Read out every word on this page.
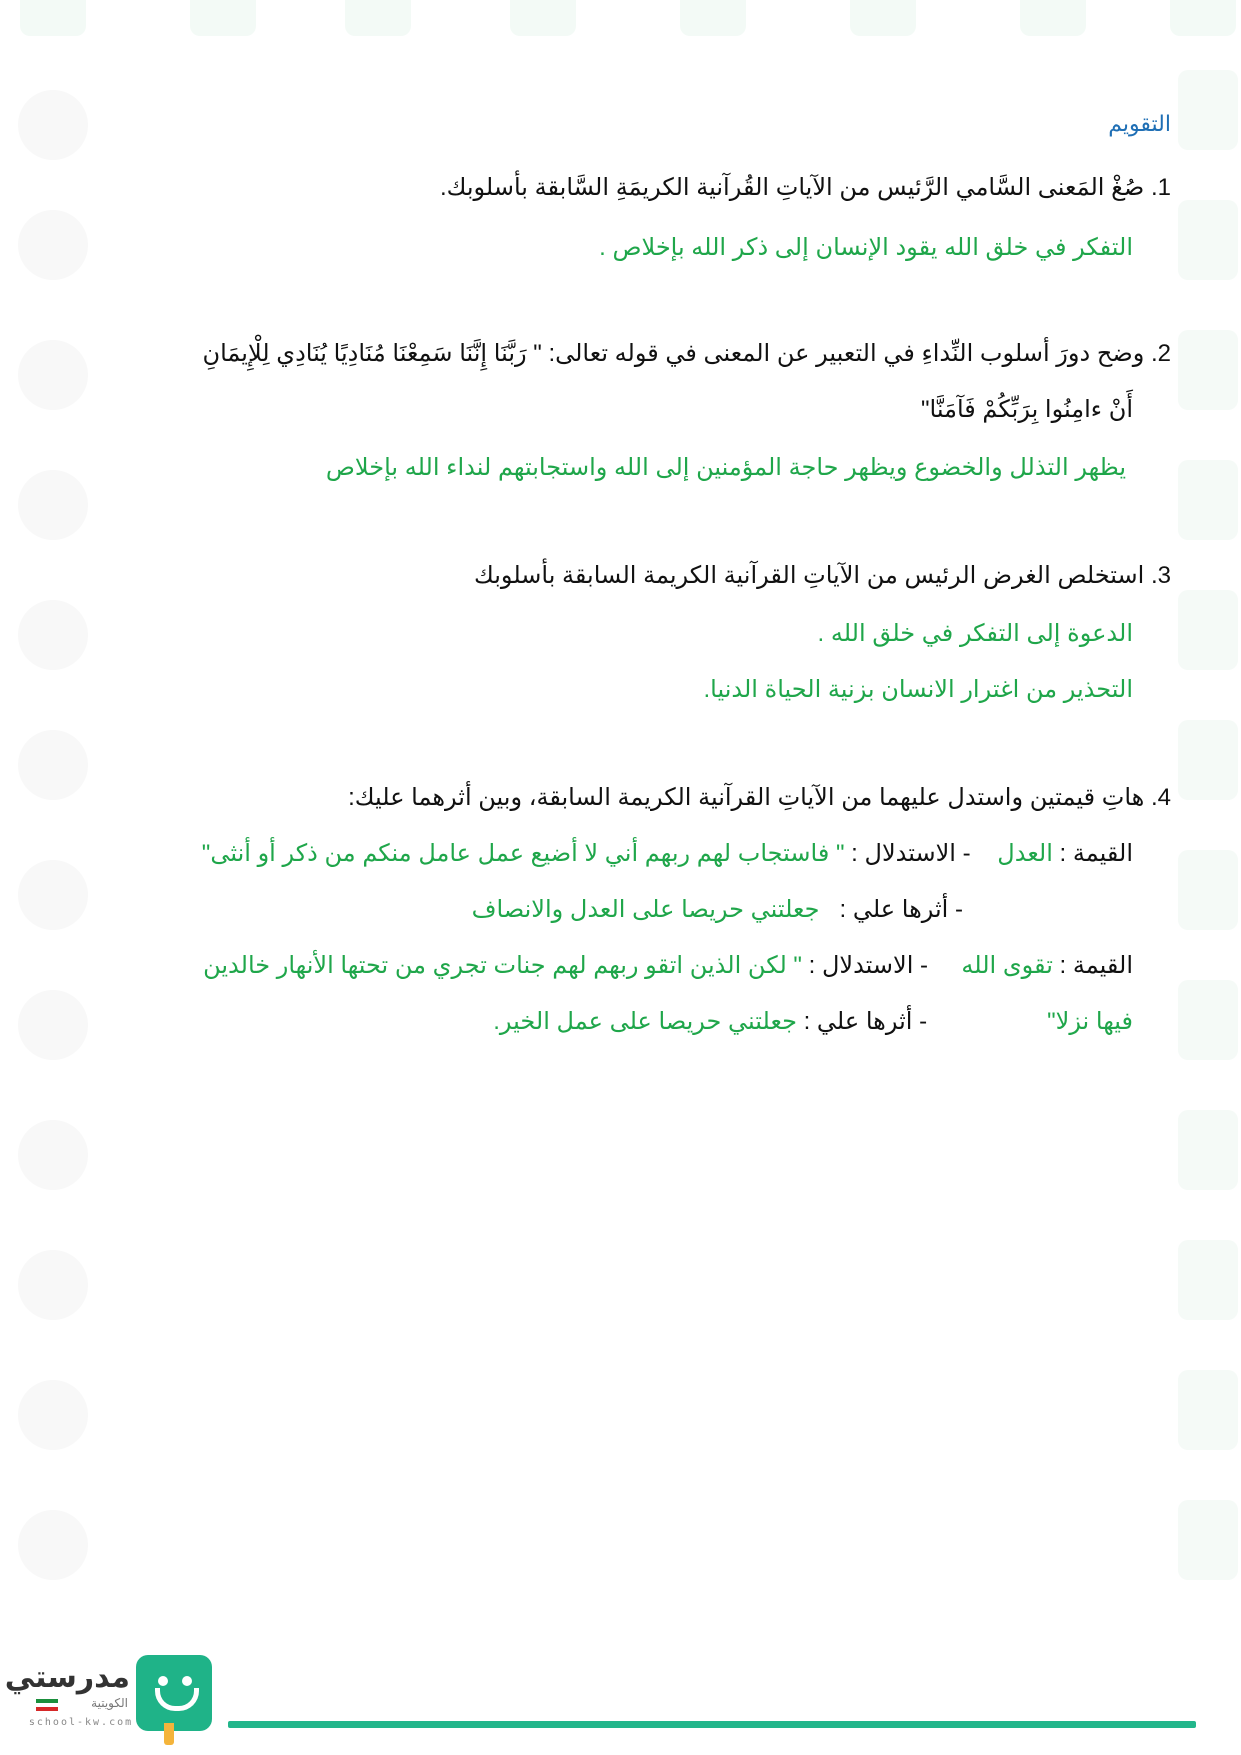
التقويم
1. صُغْ المَعنى السَّامي الرَّئيس من الآياتِ القُرآنية الكريمَةِ السَّابقة بأسلوبك.
التفكر في خلق الله يقود الإنسان إلى ذكر الله بإخلاص .
2. وضح دورَ أسلوب النِّداءِ في التعبير عن المعنى في قوله تعالى: " رَبَّنَا إِنَّنَا سَمِعْنَا مُنَادِيًا يُنَادِي لِلْإِيمَانِ
أَنْ ءامِنُوا بِرَبِّكُمْ فَآمَنَّا"
يظهر التذلل والخضوع ويظهر حاجة المؤمنين إلى الله واستجابتهم لنداء الله بإخلاص
3. استخلص الغرض الرئيس من الآياتِ القرآنية الكريمة السابقة بأسلوبك
الدعوة إلى التفكر في خلق الله .
التحذير من اغترار الانسان بزنية الحياة الدنيا.
4. هاتِ قيمتين واستدل عليهما من الآياتِ القرآنية الكريمة السابقة، وبين أثرهما عليك:
القيمة : العدل    - الاستدلال : " فاستجاب لهم ربهم أني لا أضيع عمل عامل منكم من ذكر أو أنثى"
- أثرها علي :   جعلتني حريصا على العدل والانصاف
القيمة : تقوى الله     - الاستدلال : " لكن الذين اتقو ربهم لهم جنات تجري من تحتها الأنهار خالدين
فيها نزلا"                  - أثرها علي : جعلتني حريصا على عمل الخير.
مدرستي
الكويتية
school-kw.com
